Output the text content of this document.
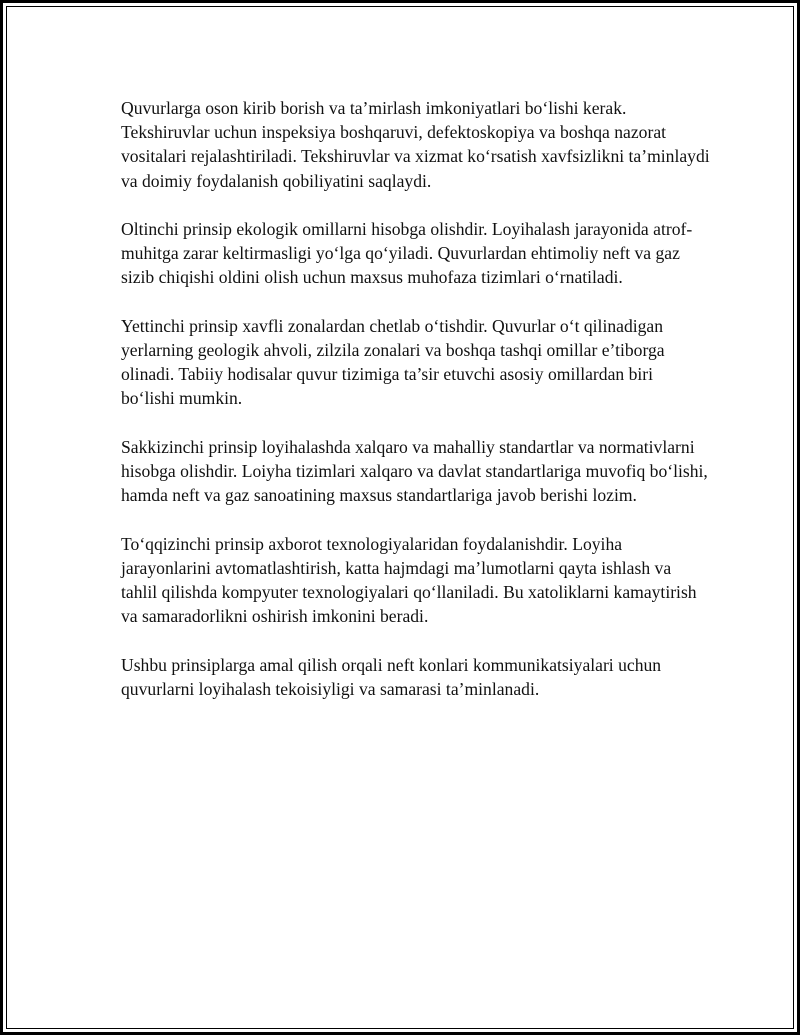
Quvurlarga oson kirib borish va ta’mirlash imkoniyatlari bo‘lishi kerak. Tekshiruvlar uchun inspeksiya boshqaruvi, defektoskopiya va boshqa nazorat vositalari rejalashtiriladi. Tekshiruvlar va xizmat ko‘rsatish xavfsizlikni ta’minlaydi va doimiy foydalanish qobiliyatini saqlaydi.

Oltinchi prinsip ekologik omillarni hisobga olishdir. Loyihalash jarayonida atrof-muhitga zarar keltirmasligi yo‘lga qo‘yiladi. Quvurlardan ehtimoliy neft va gaz sizib chiqishi oldini olish uchun maxsus muhofaza tizimlari o‘rnatiladi.

Yettinchi prinsip xavfli zonalardan chetlab o‘tishdir. Quvurlar o‘t qilinadigan yerlarning geologik ahvoli, zilzila zonalari va boshqa tashqi omillar e’tiborga olinadi. Tabiiy hodisalar quvur tizimiga ta’sir etuvchi asosiy omillardan biri bo‘lishi mumkin.

Sakkizinchi prinsip loyihalashda xalqaro va mahalliy standartlar va normativlarni hisobga olishdir. Loiyha tizimlari xalqaro va davlat standartlariga muvofiq bo‘lishi, hamda neft va gaz sanoatining maxsus standartlariga javob berishi lozim.

To‘qqizinchi prinsip axborot texnologiyalaridan foydalanishdir. Loyiha jarayonlarini avtomatlashtirish, katta hajmdagi ma’lumotlarni qayta ishlash va tahlil qilishda kompyuter texnologiyalari qo‘llaniladi. Bu xatoliklarni kamaytirish va samaradorlikni oshirish imkonini beradi.

Ushbu prinsiplarga amal qilish orqali neft konlari kommunikatsiyalari uchun quvurlarni loyihalash tekoisiyligi va samarasi ta’minlanadi.
